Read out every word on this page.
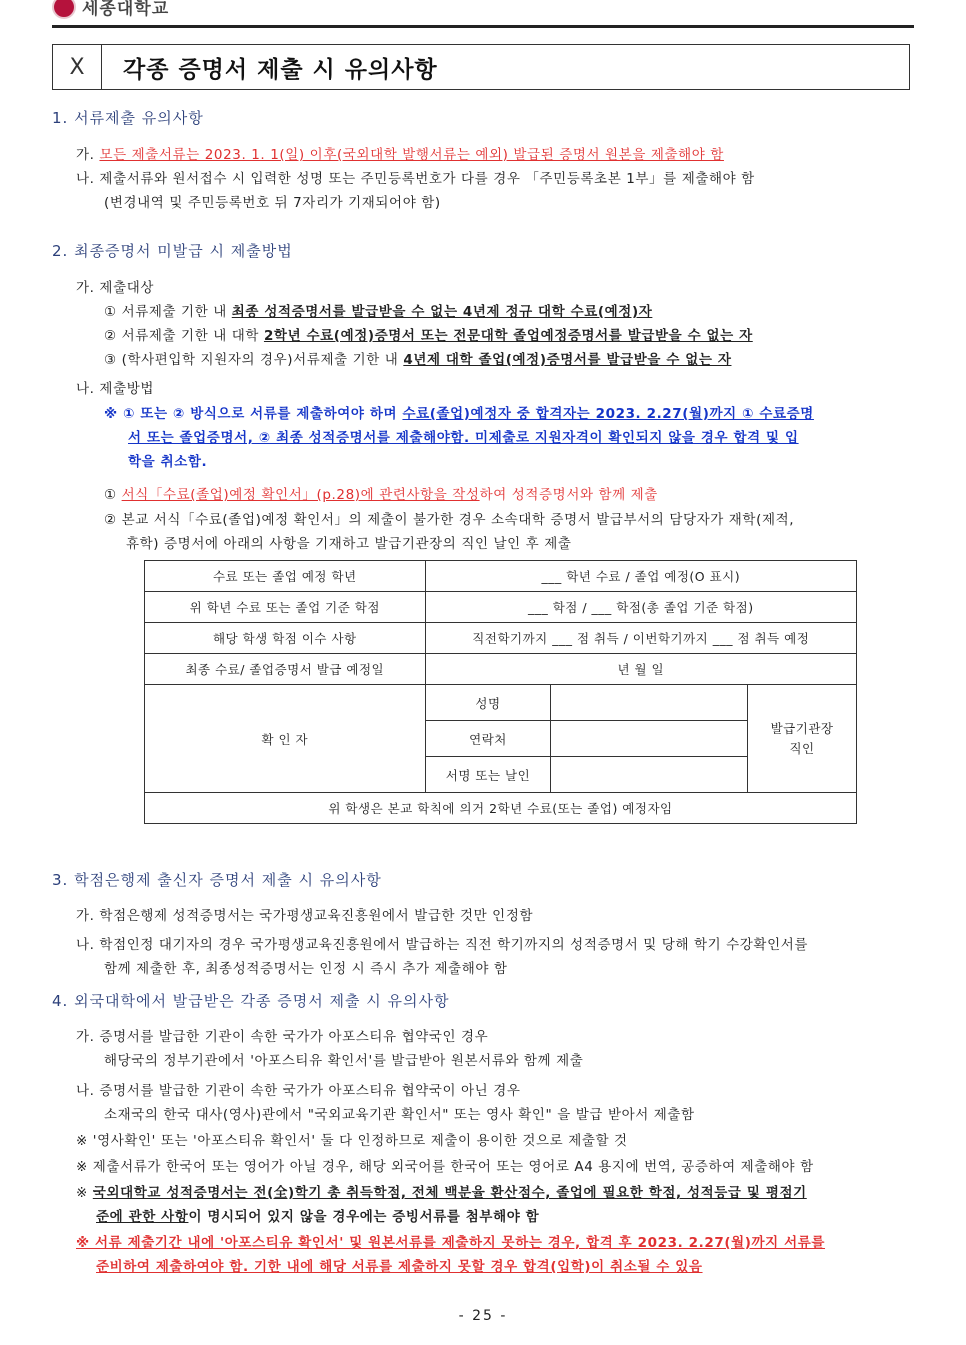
세종대학교
X	각종 증명서 제출 시 유의사항
1. 서류제출 유의사항
가. 모든 제출서류는 2023. 1. 1(일) 이후(국외대학 발행서류는 예외) 발급된 증명서 원본을 제출해야 함
나. 제출서류와 원서접수 시 입력한 성명 또는 주민등록번호가 다를 경우 「주민등록초본 1부」를 제출해야 함
(변경내역 및 주민등록번호 뒤 7자리가 기재되어야 함)
2. 최종증명서 미발급 시 제출방법
가. 제출대상
① 서류제출 기한 내 최종 성적증명서를 발급받을 수 없는 4년제 정규 대학 수료(예정)자
② 서류제출 기한 내 대학 2학년 수료(예정)증명서 또는 전문대학 졸업예정증명서를 발급받을 수 없는 자
③ (학사편입학 지원자의 경우)서류제출 기한 내 4년제 대학 졸업(예정)증명서를 발급받을 수 없는 자
나. 제출방법
※ ① 또는 ② 방식으로 서류를 제출하여야 하며 수료(졸업)예정자 중 합격자는 2023. 2.27(월)까지 ① 수료증명
서 또는 졸업증명서, ② 최종 성적증명서를 제출해야함. 미제출로 지원자격이 확인되지 않을 경우 합격 및 입
학을 취소함.
① 서식「수료(졸업)예정 확인서」(p.28)에 관련사항을 작성하여 성적증명서와 함께 제출
② 본교 서식「수료(졸업)예정 확인서」의 제출이 불가한 경우 소속대학 증명서 발급부서의 담당자가 재학(제적,
휴학) 증명서에 아래의 사항을 기재하고 발급기관장의 직인 날인 후 제출
수료 또는 졸업 예정 학년	___ 학년 수료 / 졸업 예정(O 표시)		
위 학년 수료 또는 졸업 기준 학점	___ 학점 / ___ 학점(총 졸업 기준 학점)		
해당 학생 학점 이수 사항	직전학기까지 ___ 점 취득 / 이번학기까지 ___ 점 취득 예정		
최종 수료/ 졸업증명서 발급 예정일	년 월 일		
확 인 자	성명		발급기관장
직인
	연락처		
	서명 또는 날인		
위 학생은 본교 학칙에 의거 2학년 수료(또는 졸업) 예정자임			
3. 학점은행제 출신자 증명서 제출 시 유의사항
가. 학점은행제 성적증명서는 국가평생교육진흥원에서 발급한 것만 인정함
나. 학점인정 대기자의 경우 국가평생교육진흥원에서 발급하는 직전 학기까지의 성적증명서 및 당해 학기 수강확인서를
함께 제출한 후, 최종성적증명서는 인정 시 즉시 추가 제출해야 함
4. 외국대학에서 발급받은 각종 증명서 제출 시 유의사항
가. 증명서를 발급한 기관이 속한 국가가 아포스티유 협약국인 경우
해당국의 정부기관에서 '아포스티유 확인서'를 발급받아 원본서류와 함께 제출
나. 증명서를 발급한 기관이 속한 국가가 아포스티유 협약국이 아닌 경우
소재국의 한국 대사(영사)관에서 "국외교육기관 확인서" 또는 영사 확인" 을 발급 받아서 제출함
※ '영사확인' 또는 '아포스티유 확인서' 둘 다 인정하므로 제출이 용이한 것으로 제출할 것
※ 제출서류가 한국어 또는 영어가 아닐 경우, 해당 외국어를 한국어 또는 영어로 A4 용지에 번역, 공증하여 제출해야 함
※ 국외대학교 성적증명서는 전(全)학기 총 취득학점, 전체 백분율 환산점수, 졸업에 필요한 학점, 성적등급 및 평점기
준에 관한 사항이 명시되어 있지 않을 경우에는 증빙서류를 첨부해야 함
※ 서류 제출기간 내에 '아포스티유 확인서' 및 원본서류를 제출하지 못하는 경우, 합격 후 2023. 2.27(월)까지 서류를
준비하여 제출하여야 함. 기한 내에 해당 서류를 제출하지 못할 경우 합격(입학)이 취소될 수 있음
- 25 -
